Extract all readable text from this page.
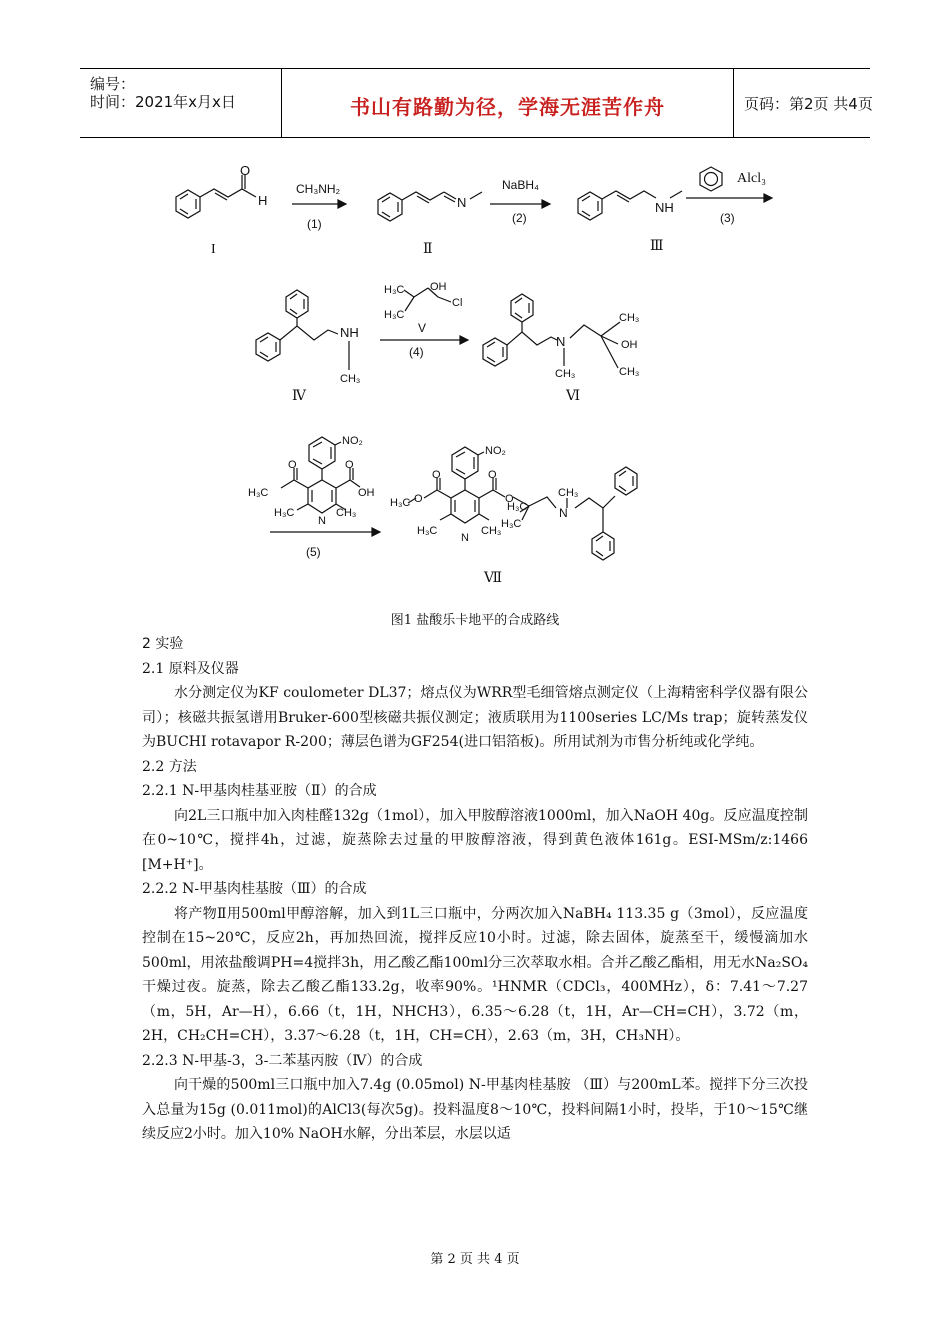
编号：
时间：2021年x月x日	书山有路勤为径，学海无涯苦作舟	页码：第2页 共4页
O
H
I
CH₃NH₂
(1)
N
Ⅱ
NaBH₄
(2)
NH
Ⅲ
Alcl₃
(3)
NH
CH₃
Ⅳ
H₃C OH
Cl
H₃C
V
(4)
N
CH₃
CH₃
OH
CH₃
Ⅵ
NO₂
O	O
H₃C	OH
H₃C	CH₃
N
(5)
NO₂
O	O
H₃C O	O
H₃C	CH₃
N
H₃C
H₃C
N
CH₃
Ⅶ
图1 盐酸乐卡地平的合成路线
2 实验
2.1 原料及仪器
水分测定仪为KF coulometer DL37；熔点仪为WRR型毛细管熔点测定仪（上海精密科学仪器有限公司）；核磁共振氢谱用Bruker-600型核磁共振仪测定；液质联用为1100series LC/Ms trap；旋转蒸发仪为BUCHI rotavapor R-200；薄层色谱为GF254(进口铝箔板)。所用试剂为市售分析纯或化学纯。
2.2 方法
2.2.1 N-甲基肉桂基亚胺（Ⅱ）的合成
向2L三口瓶中加入肉桂醛132g（1mol），加入甲胺醇溶液1000ml，加入NaOH 40g。反应温度控制在0~10℃，搅拌4h，过滤，旋蒸除去过量的甲胺醇溶液，得到黄色液体161g。ESI-MSm/z:1466 [M+H⁺]。
2.2.2 N-甲基肉桂基胺（Ⅲ）的合成
将产物Ⅱ用500ml甲醇溶解，加入到1L三口瓶中，分两次加入NaBH₄ 113.35 g（3mol），反应温度控制在15~20℃，反应2h，再加热回流，搅拌反应10小时。过滤，除去固体，旋蒸至干，缓慢滴加水500ml，用浓盐酸调PH=4搅拌3h，用乙酸乙酯100ml分三次萃取水相。合并乙酸乙酯相，用无水Na₂SO₄干燥过夜。旋蒸，除去乙酸乙酯133.2g，收率90%。¹HNMR（CDCl₃，400MHz），δ：7.41～7.27（m，5H，Ar—H），6.66（t，1H，NHCH3），6.35～6.28（t，1H，Ar—CH=CH），3.72（m，2H，CH₂CH=CH），3.37～6.28（t，1H，CH=CH），2.63（m，3H，CH₃NH）。
2.2.3 N-甲基-3，3-二苯基丙胺（Ⅳ）的合成
向干燥的500ml三口瓶中加入7.4g (0.05mol) N-甲基肉桂基胺 （Ⅲ）与200mL苯。搅拌下分三次投入总量为15g (0.011mol)的AlCl3(每次5g)。投料温度8～10℃，投料间隔1小时，投毕，于10～15℃继续反应2小时。加入10% NaOH水解，分出苯层，水层以适
第 2 页 共 4 页
